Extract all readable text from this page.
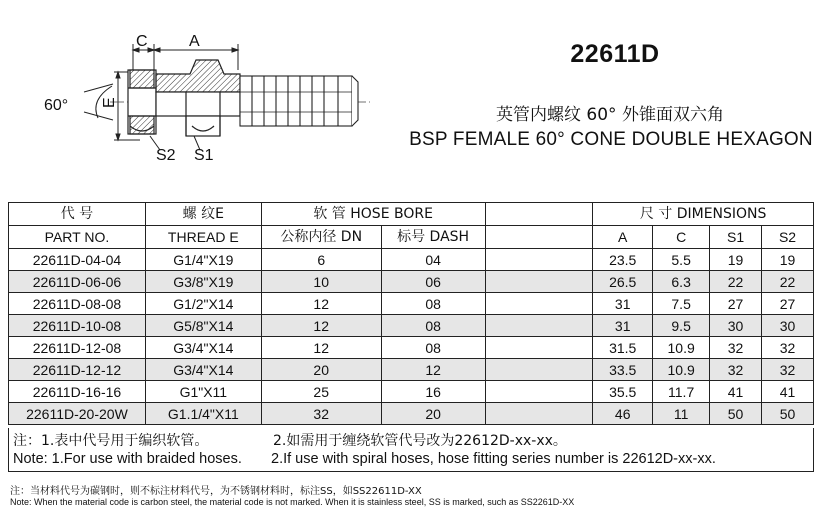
C	A
E
60°
S2 S1
22611D
英管内螺纹 60° 外锥面双六角
BSP FEMALE 60° CONE DOUBLE HEXAGON
代 号	螺 纹E	软 管 HOSE BORE			尺 寸 DIMENSIONS			
PART NO.	THREAD E	公称内径 DN	标号 DASH		A	C	S1	S2
22611D-04-04	G1/4"X19	6	04		23.5	5.5	19	19
22611D-06-06	G3/8"X19	10	06		26.5	6.3	22	22
22611D-08-08	G1/2"X14	12	08		31	7.5	27	27
22611D-10-08	G5/8"X14	12	08		31	9.5	30	30
22611D-12-08	G3/4"X14	12	08		31.5	10.9	32	32
22611D-12-12	G3/4"X14	20	12		33.5	10.9	32	32
22611D-16-16	G1"X11	25	16		35.5	11.7	41	41
22611D-20-20W	G1.1/4"X11	32	20		46	11	50	50
注：1.表中代号用于编织软管。	2.如需用于缠绕软管代号改为22612D-xx-xx。
Note: 1.For use with braided hoses. 2.If use with spiral hoses, hose fitting series number is 22612D-xx-xx.
注：当材料代号为碳钢时，则不标注材料代号，为不锈钢材料时，标注SS，如SS22611D-XX
Note: When the material code is carbon steel, the material code is not marked. When it is stainless steel, SS is marked, such as SS2261D-XX
